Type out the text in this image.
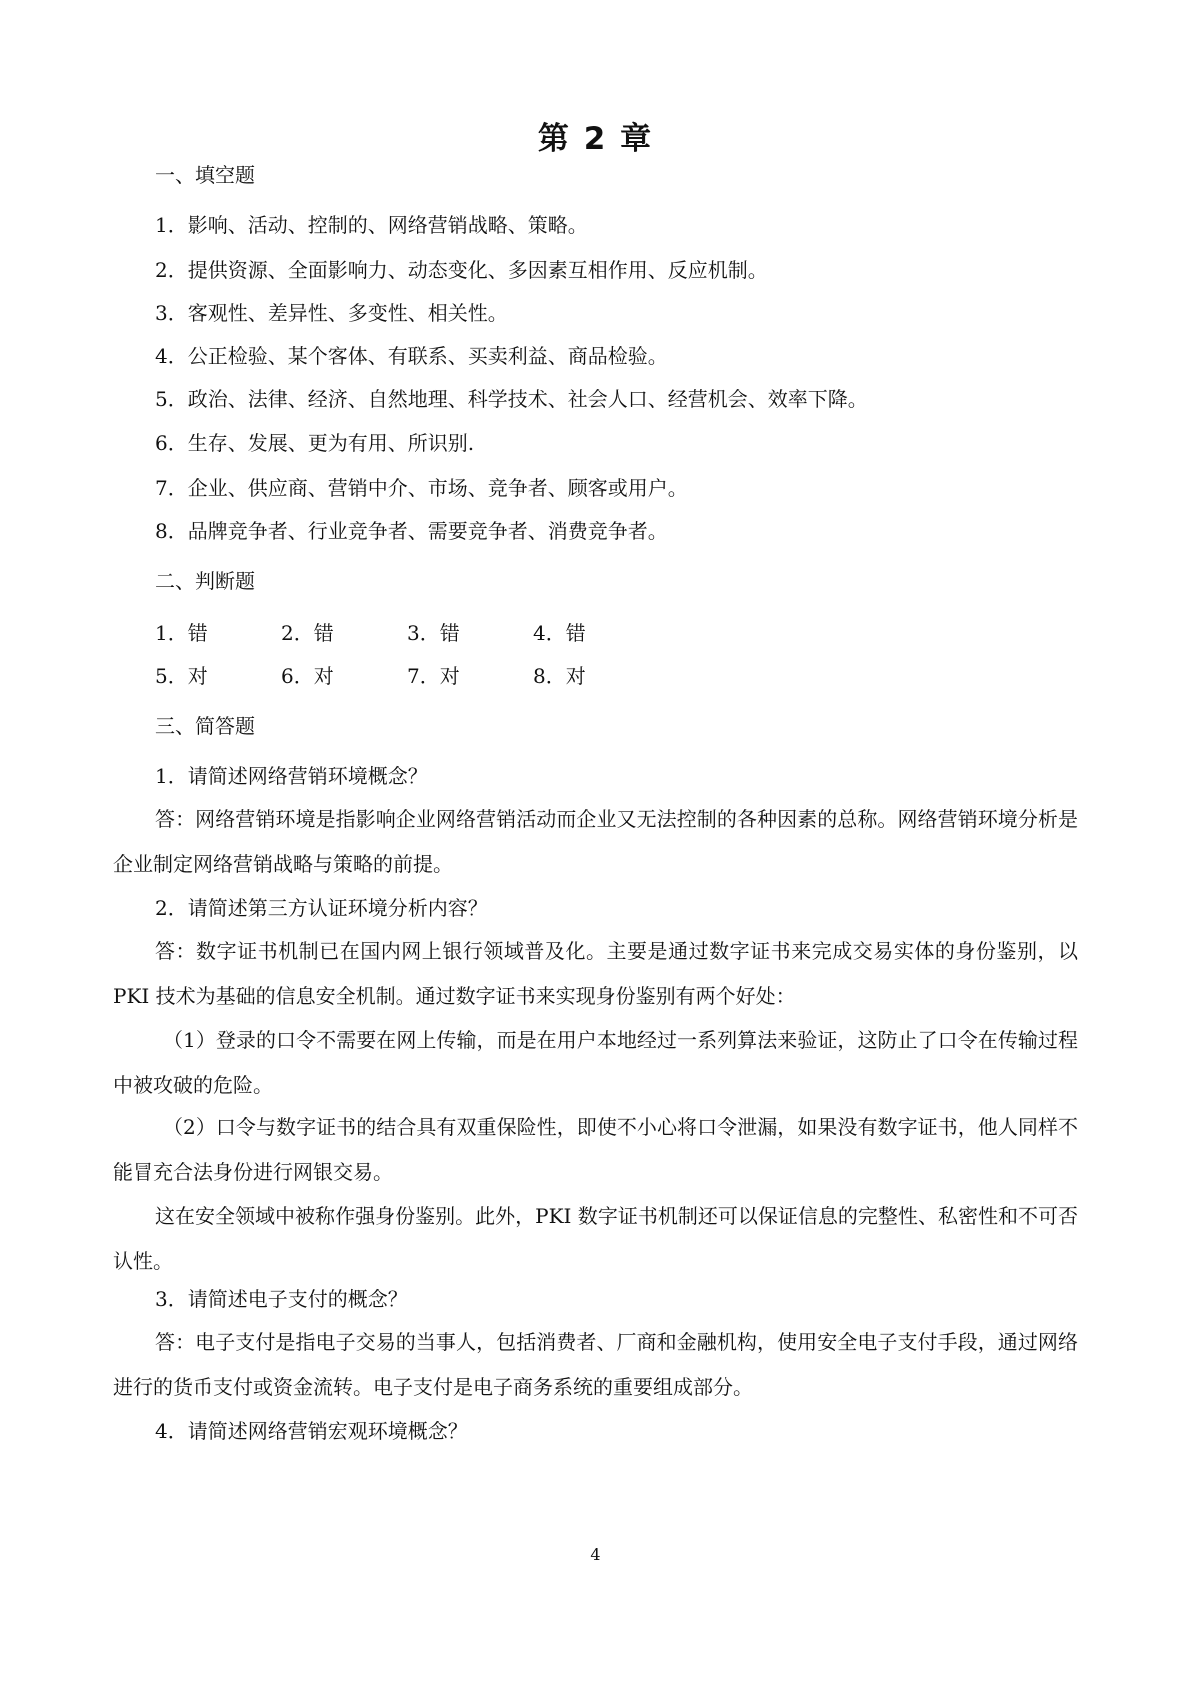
第 2 章

一、填空题

1．影响、活动、控制的、网络营销战略、策略。

2．提供资源、全面影响力、动态变化、多因素互相作用、反应机制。

3．客观性、差异性、多变性、相关性。

4．公正检验、某个客体、有联系、买卖利益、商品检验。

5．政治、法律、经济、自然地理、科学技术、社会人口、经营机会、效率下降。

6．生存、发展、更为有用、所识别.

7．企业、供应商、营销中介、市场、竞争者、顾客或用户。

8．品牌竞争者、行业竞争者、需要竞争者、消费竞争者。

二、判断题

1．错	2．错	3．错	4．错
5．对	6．对	7．对	8．对

三、简答题

1．请简述网络营销环境概念？

答：网络营销环境是指影响企业网络营销活动而企业又无法控制的各种因素的总称。网络营销环境分析是企业制定网络营销战略与策略的前提。

2．请简述第三方认证环境分析内容？

答：数字证书机制已在国内网上银行领域普及化。主要是通过数字证书来完成交易实体的身份鉴别，以 PKI 技术为基础的信息安全机制。通过数字证书来实现身份鉴别有两个好处：

（1）登录的口令不需要在网上传输，而是在用户本地经过一系列算法来验证，这防止了口令在传输过程中被攻破的危险。

（2）口令与数字证书的结合具有双重保险性，即使不小心将口令泄漏，如果没有数字证书，他人同样不能冒充合法身份进行网银交易。

这在安全领域中被称作强身份鉴别。此外，PKI 数字证书机制还可以保证信息的完整性、私密性和不可否认性。

3．请简述电子支付的概念？

答：电子支付是指电子交易的当事人，包括消费者、厂商和金融机构，使用安全电子支付手段，通过网络进行的货币支付或资金流转。电子支付是电子商务系统的重要组成部分。

4．请简述网络营销宏观环境概念？

4
